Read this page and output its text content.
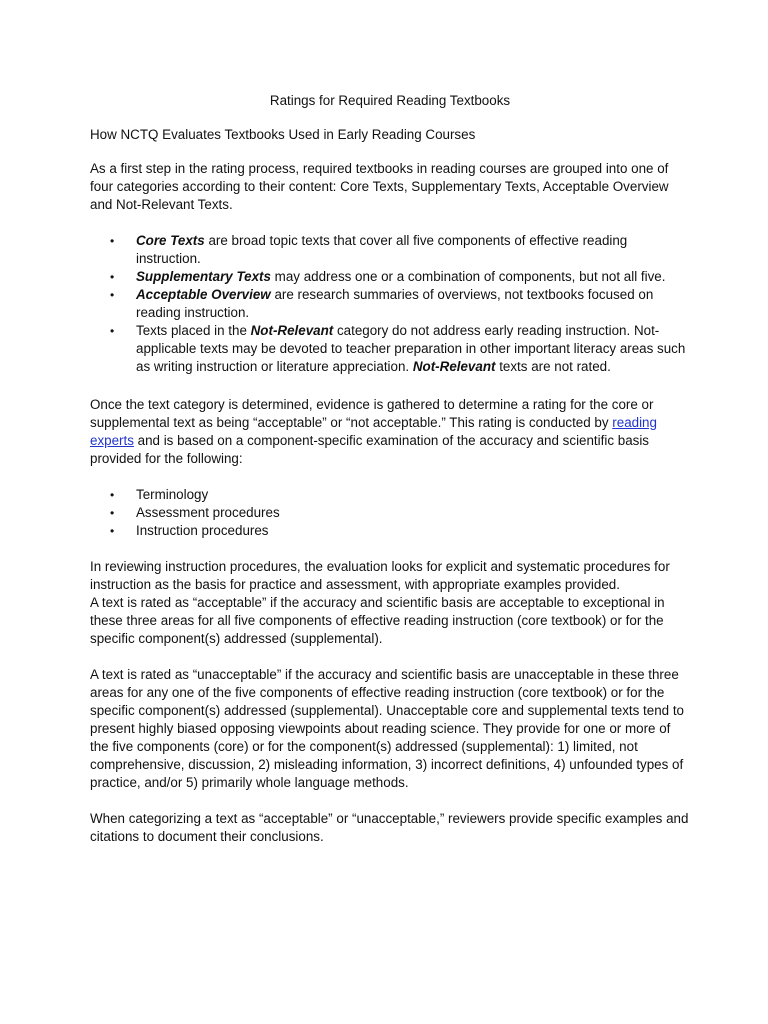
Ratings for Required Reading Textbooks

How NCTQ Evaluates Textbooks Used in Early Reading Courses

As a first step in the rating process, required textbooks in reading courses are grouped into one of four categories according to their content: Core Texts, Supplementary Texts, Acceptable Overview and Not-Relevant Texts.

• Core Texts are broad topic texts that cover all five components of effective reading instruction.
• Supplementary Texts may address one or a combination of components, but not all five.
• Acceptable Overview are research summaries of overviews, not textbooks focused on reading instruction.
• Texts placed in the Not-Relevant category do not address early reading instruction. Not-applicable texts may be devoted to teacher preparation in other important literacy areas such as writing instruction or literature appreciation. Not-Relevant texts are not rated.

Once the text category is determined, evidence is gathered to determine a rating for the core or supplemental text as being “acceptable” or “not acceptable.” This rating is conducted by reading experts and is based on a component-specific examination of the accuracy and scientific basis provided for the following:

• Terminology
• Assessment procedures
• Instruction procedures

In reviewing instruction procedures, the evaluation looks for explicit and systematic procedures for instruction as the basis for practice and assessment, with appropriate examples provided.

A text is rated as “acceptable” if the accuracy and scientific basis are acceptable to exceptional in these three areas for all five components of effective reading instruction (core textbook) or for the specific component(s) addressed (supplemental).

A text is rated as “unacceptable” if the accuracy and scientific basis are unacceptable in these three areas for any one of the five components of effective reading instruction (core textbook) or for the specific component(s) addressed (supplemental). Unacceptable core and supplemental texts tend to present highly biased opposing viewpoints about reading science. They provide for one or more of the five components (core) or for the component(s) addressed (supplemental): 1) limited, not comprehensive, discussion, 2) misleading information, 3) incorrect definitions, 4) unfounded types of practice, and/or 5) primarily whole language methods.

When categorizing a text as “acceptable” or “unacceptable,” reviewers provide specific examples and citations to document their conclusions.
